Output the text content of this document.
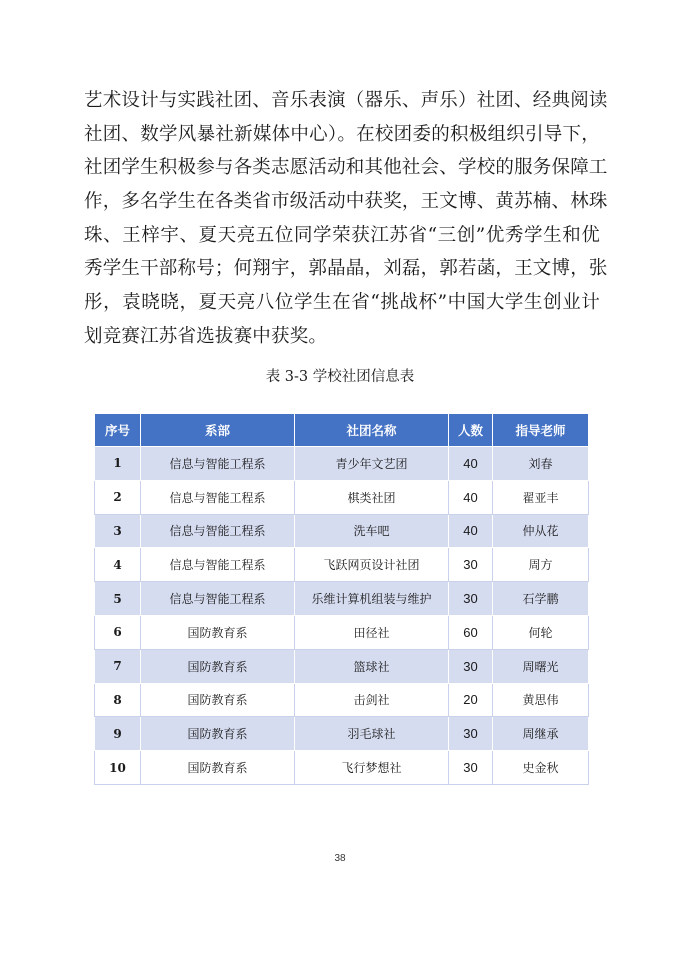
艺术设计与实践社团、音乐表演（器乐、声乐）社团、经典阅读
社团、数学风暴社新媒体中心）。在校团委的积极组织引导下，
社团学生积极参与各类志愿活动和其他社会、学校的服务保障工
作，多名学生在各类省市级活动中获奖，王文博、黄苏楠、林珠
珠、王梓宇、夏天亮五位同学荣获江苏省“三创”优秀学生和优
秀学生干部称号；何翔宇，郭晶晶，刘磊，郭若菡，王文博，张
彤，袁晓晓，夏天亮八位学生在省“挑战杯”中国大学生创业计
划竞赛江苏省选拔赛中获奖。
表 3-3 学校社团信息表
序号	系部	社团名称	人数	指导老师
1	信息与智能工程系	青少年文艺团	40	刘春
2	信息与智能工程系	棋类社团	40	翟亚丰
3	信息与智能工程系	洗车吧	40	仲从花
4	信息与智能工程系	飞跃网页设计社团	30	周方
5	信息与智能工程系	乐维计算机组装与维护	30	石学鹏
6	国防教育系	田径社	60	何轮
7	国防教育系	篮球社	30	周曙光
8	国防教育系	击剑社	20	黄思伟
9	国防教育系	羽毛球社	30	周继承
10	国防教育系	飞行梦想社	30	史金秋
38
